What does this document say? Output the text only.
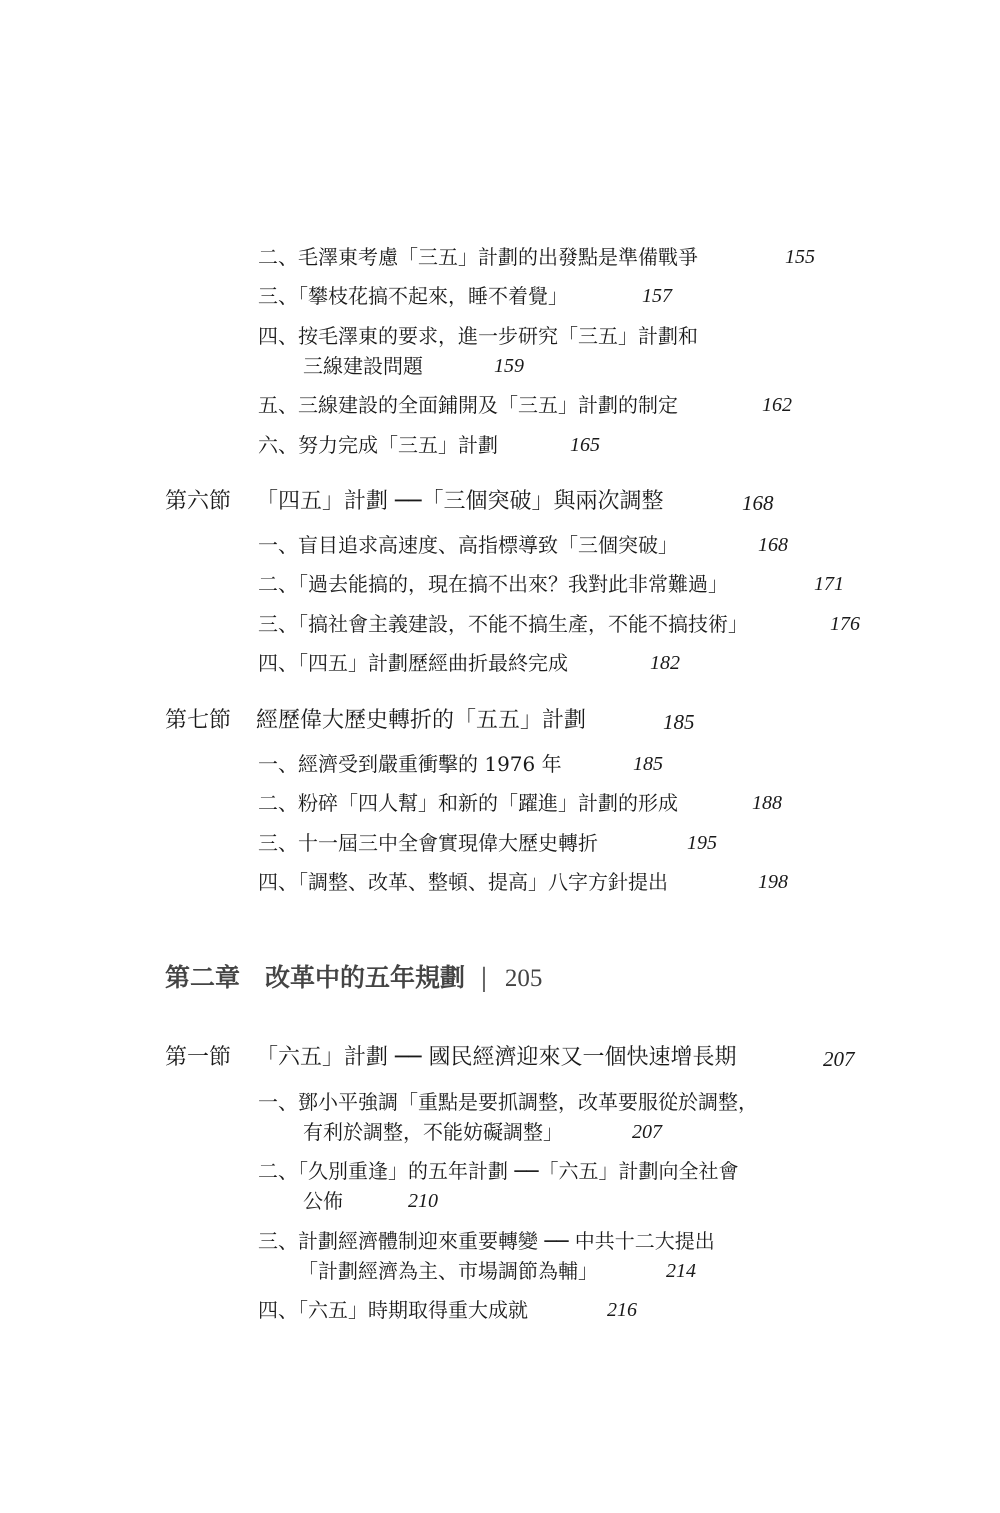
二、毛澤東考慮「三五」計劃的出發點是準備戰爭	155
三、「攀枝花搞不起來，睡不着覺」	157
四、按毛澤東的要求，進一步研究「三五」計劃和
三線建設問題	159
五、三線建設的全面鋪開及「三五」計劃的制定	162
六、努力完成「三五」計劃	165
第六節 「四五」計劃 ──「三個突破」與兩次調整	168
一、盲目追求高速度、高指標導致「三個突破」	168
二、「過去能搞的，現在搞不出來？我對此非常難過」	171
三、「搞社會主義建設，不能不搞生產，不能不搞技術」	176
四、「四五」計劃歷經曲折最終完成	182
第七節 經歷偉大歷史轉折的「五五」計劃	185
一、經濟受到嚴重衝擊的 1976 年	185
二、粉碎「四人幫」和新的「躍進」計劃的形成	188
三、十一屆三中全會實現偉大歷史轉折	195
四、「調整、改革、整頓、提高」八字方針提出	198
第二章　改革中的五年規劃 | 205
第一節 「六五」計劃 ── 國民經濟迎來又一個快速增長期	207
一、鄧小平強調「重點是要抓調整，改革要服從於調整，
有利於調整，不能妨礙調整」	207
二、「久別重逢」的五年計劃 ──「六五」計劃向全社會
公佈	210
三、計劃經濟體制迎來重要轉變 ── 中共十二大提出
「計劃經濟為主、市場調節為輔」	214
四、「六五」時期取得重大成就	216
